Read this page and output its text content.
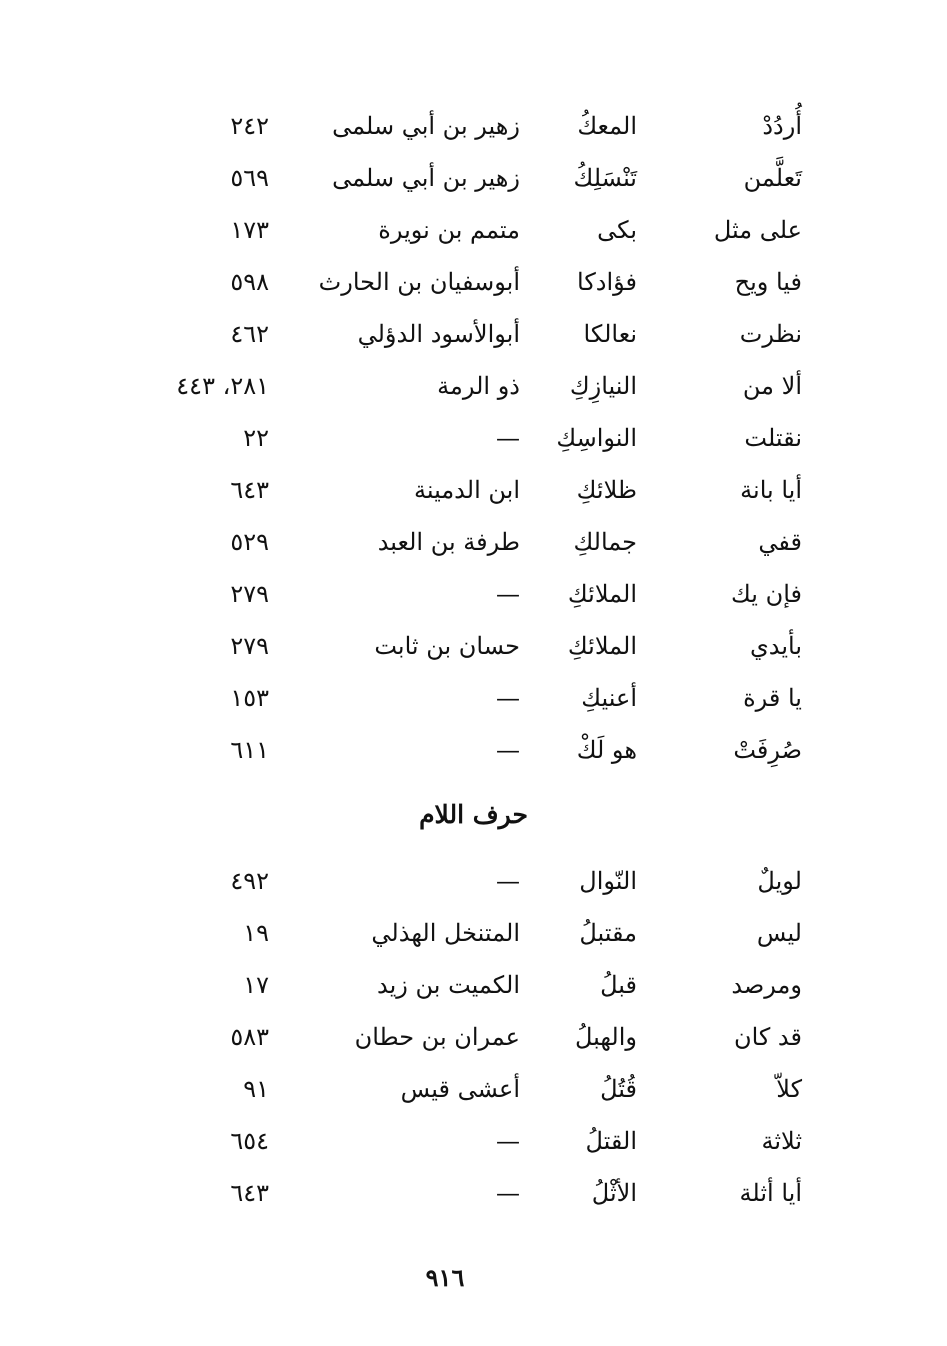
أُردُدْ
المعكُ
زهير بن أبي سلمى
٢٤٢
تَعلَّمن
تَنْسَلِكُ
زهير بن أبي سلمى
٥٦٩
على مثل
بكى
متمم بن نويرة
١٧٣
فيا ويح
فؤادكا
أبوسفيان بن الحارث
٥٩٨
نظرت
نعالكا
أبوالأسود الدؤلي
٤٦٢
ألا من
النيازِكِ
ذو الرمة
٢٨١، ٤٤٣
نقتلت
النواسِكِ
—
٢٢
أيا بانة
ظلائكِ
ابن الدمينة
٦٤٣
قفي
جمالكِ
طرفة بن العبد
٥٢٩
فإن يك
الملائكِ
—
٢٧٩
بأيدي
الملائكِ
حسان بن ثابت
٢٧٩
يا قرة
أعنيكِ
—
١٥٣
صُرِفَتْ
هو لَكْ
—
٦١١
حرف اللام
لويلٌ
النّوال
—
٤٩٢
ليس
مقتبلُ
المتنخل الهذلي
١٩
ومرصد
قبلُ
الكميت بن زيد
١٧
قد كان
والهبلُ
عمران بن حطان
٥٨٣
كلاّ
قُتُلُ
أعشى قيس
٩١
ثلاثة
القتلُ
—
٦٥٤
أيا أثلة
الأثْلُ
—
٦٤٣
٩١٦
